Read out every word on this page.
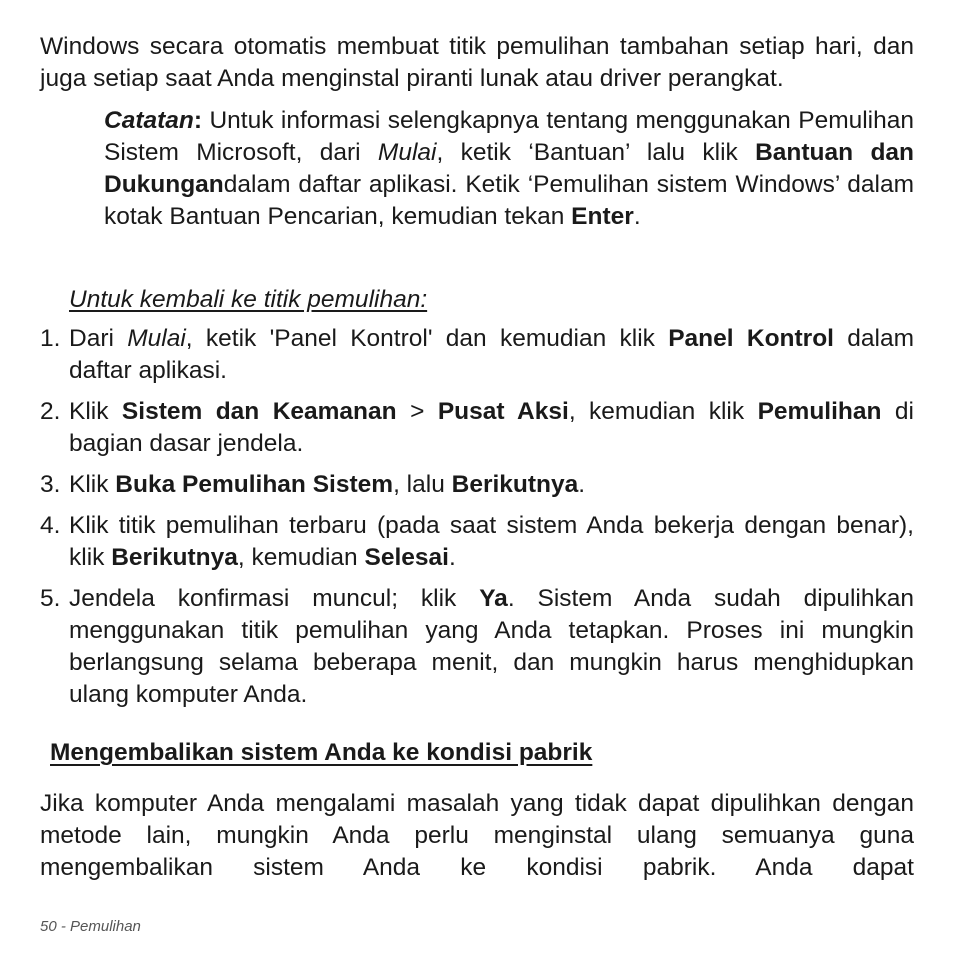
Windows secara otomatis membuat titik pemulihan tambahan setiap hari, dan juga setiap saat Anda menginstal piranti lunak atau driver perangkat.

Catatan: Untuk informasi selengkapnya tentang menggunakan Pemulihan Sistem Microsoft, dari Mulai, ketik ‘Bantuan’ lalu klik Bantuan dan Dukungandalam daftar aplikasi. Ketik ‘Pemulihan sistem Windows’ dalam kotak Bantuan Pencarian, kemudian tekan Enter.

Untuk kembali ke titik pemulihan:
1. Dari Mulai, ketik 'Panel Kontrol' dan kemudian klik Panel Kontrol dalam daftar aplikasi.
2. Klik Sistem dan Keamanan > Pusat Aksi, kemudian klik Pemulihan di bagian dasar jendela.
3. Klik Buka Pemulihan Sistem, lalu Berikutnya.
4. Klik titik pemulihan terbaru (pada saat sistem Anda bekerja dengan benar), klik Berikutnya, kemudian Selesai.
5. Jendela konfirmasi muncul; klik Ya. Sistem Anda sudah dipulihkan menggunakan titik pemulihan yang Anda tetapkan. Proses ini mungkin berlangsung selama beberapa menit, dan mungkin harus menghidupkan ulang komputer Anda.
Mengembalikan sistem Anda ke kondisi pabrik

Jika komputer Anda mengalami masalah yang tidak dapat dipulihkan dengan metode lain, mungkin Anda perlu menginstal ulang semuanya guna mengembalikan sistem Anda ke kondisi pabrik. Anda dapat

50 - Pemulihan
